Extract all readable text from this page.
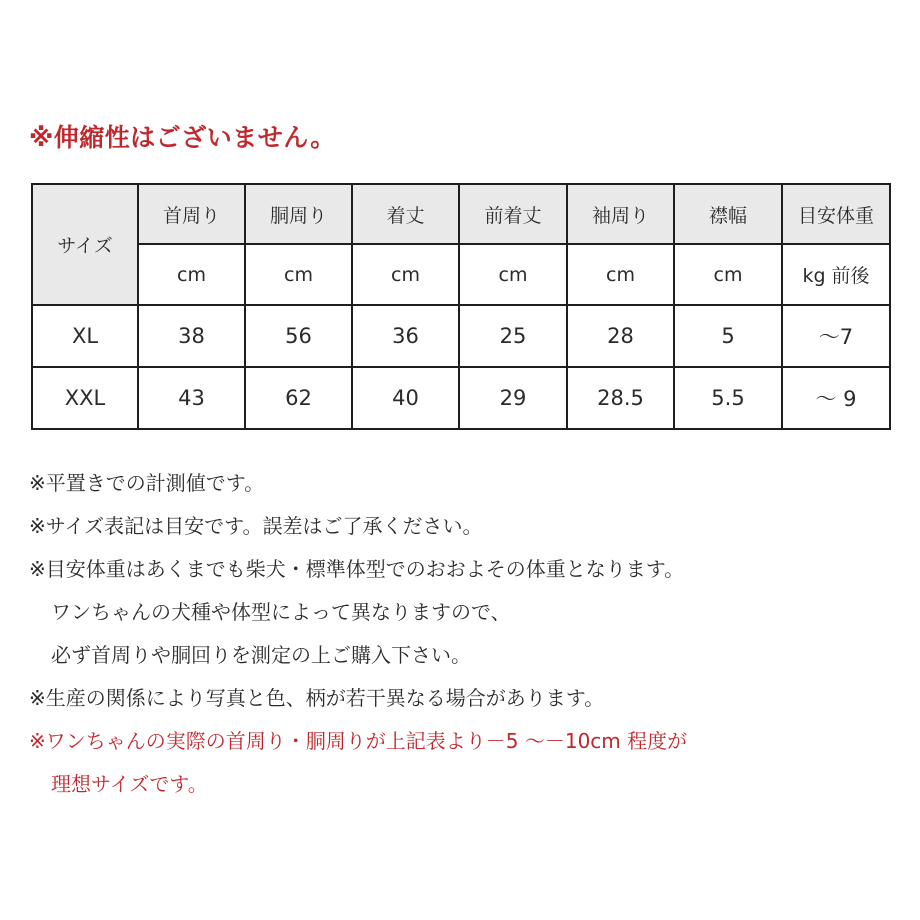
※伸縮性はございません。
サイズ	首周り	胴周り	着丈	前着丈	袖周り	襟幅	目安体重
	cm	cm	cm	cm	cm	cm	kg 前後
XL	38	56	36	25	28	5	～7
XXL	43	62	40	29	28.5	5.5	～ 9
※平置きでの計測値です。
※サイズ表記は目安です。誤差はご了承ください。
※目安体重はあくまでも柴犬・標準体型でのおおよその体重となります。
ワンちゃんの犬種や体型によって異なりますので、
必ず首周りや胴回りを測定の上ご購入下さい。
※生産の関係により写真と色、柄が若干異なる場合があります。
※ワンちゃんの実際の首周り・胴周りが上記表より－5 ～－10cm 程度が
理想サイズです。
